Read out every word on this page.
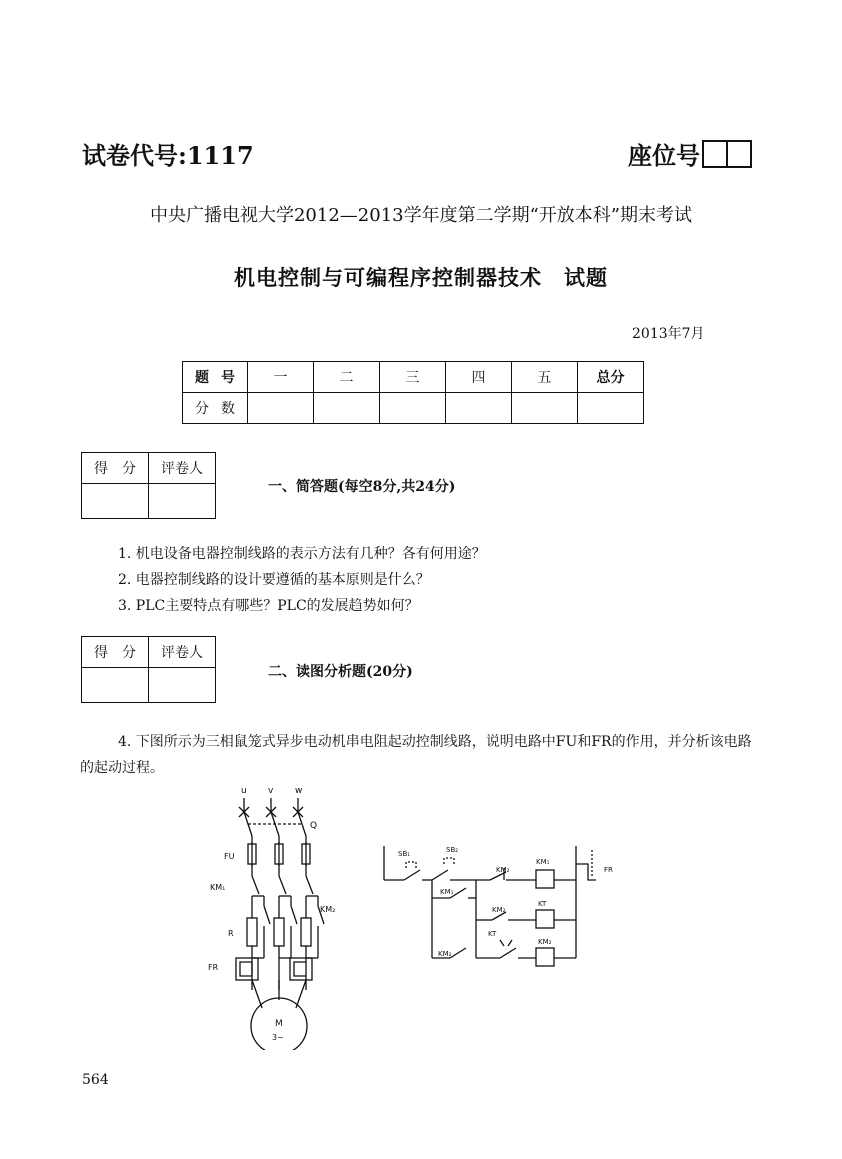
试卷代号:1117	座位号
中央广播电视大学2012—2013学年度第二学期“开放本科”期末考试
机电控制与可编程序控制器技术　试题
2013年7月
题号	一	二	三	四	五	总分
分数						
得　分	评卷人

一、简答题(每空8分,共24分)
1. 机电设备电器控制线路的表示方法有几种？各有何用途？
2. 电器控制线路的设计要遵循的基本原则是什么？
3. PLC主要特点有哪些？PLC的发展趋势如何？
得　分	评卷人

二、读图分析题(20分)
4. 下图所示为三相鼠笼式异步电动机串电阻起动控制线路，说明电路中FU和FR的作用，并分析该电路的起动过程。
u v w
Q
FU
KM₁
KM₂
R
FR
M
3~
SB₁	SB₂
KM₂
KM₁
FR
KM₁
KM₂
KT
KT
KM₂
KM₂
564
